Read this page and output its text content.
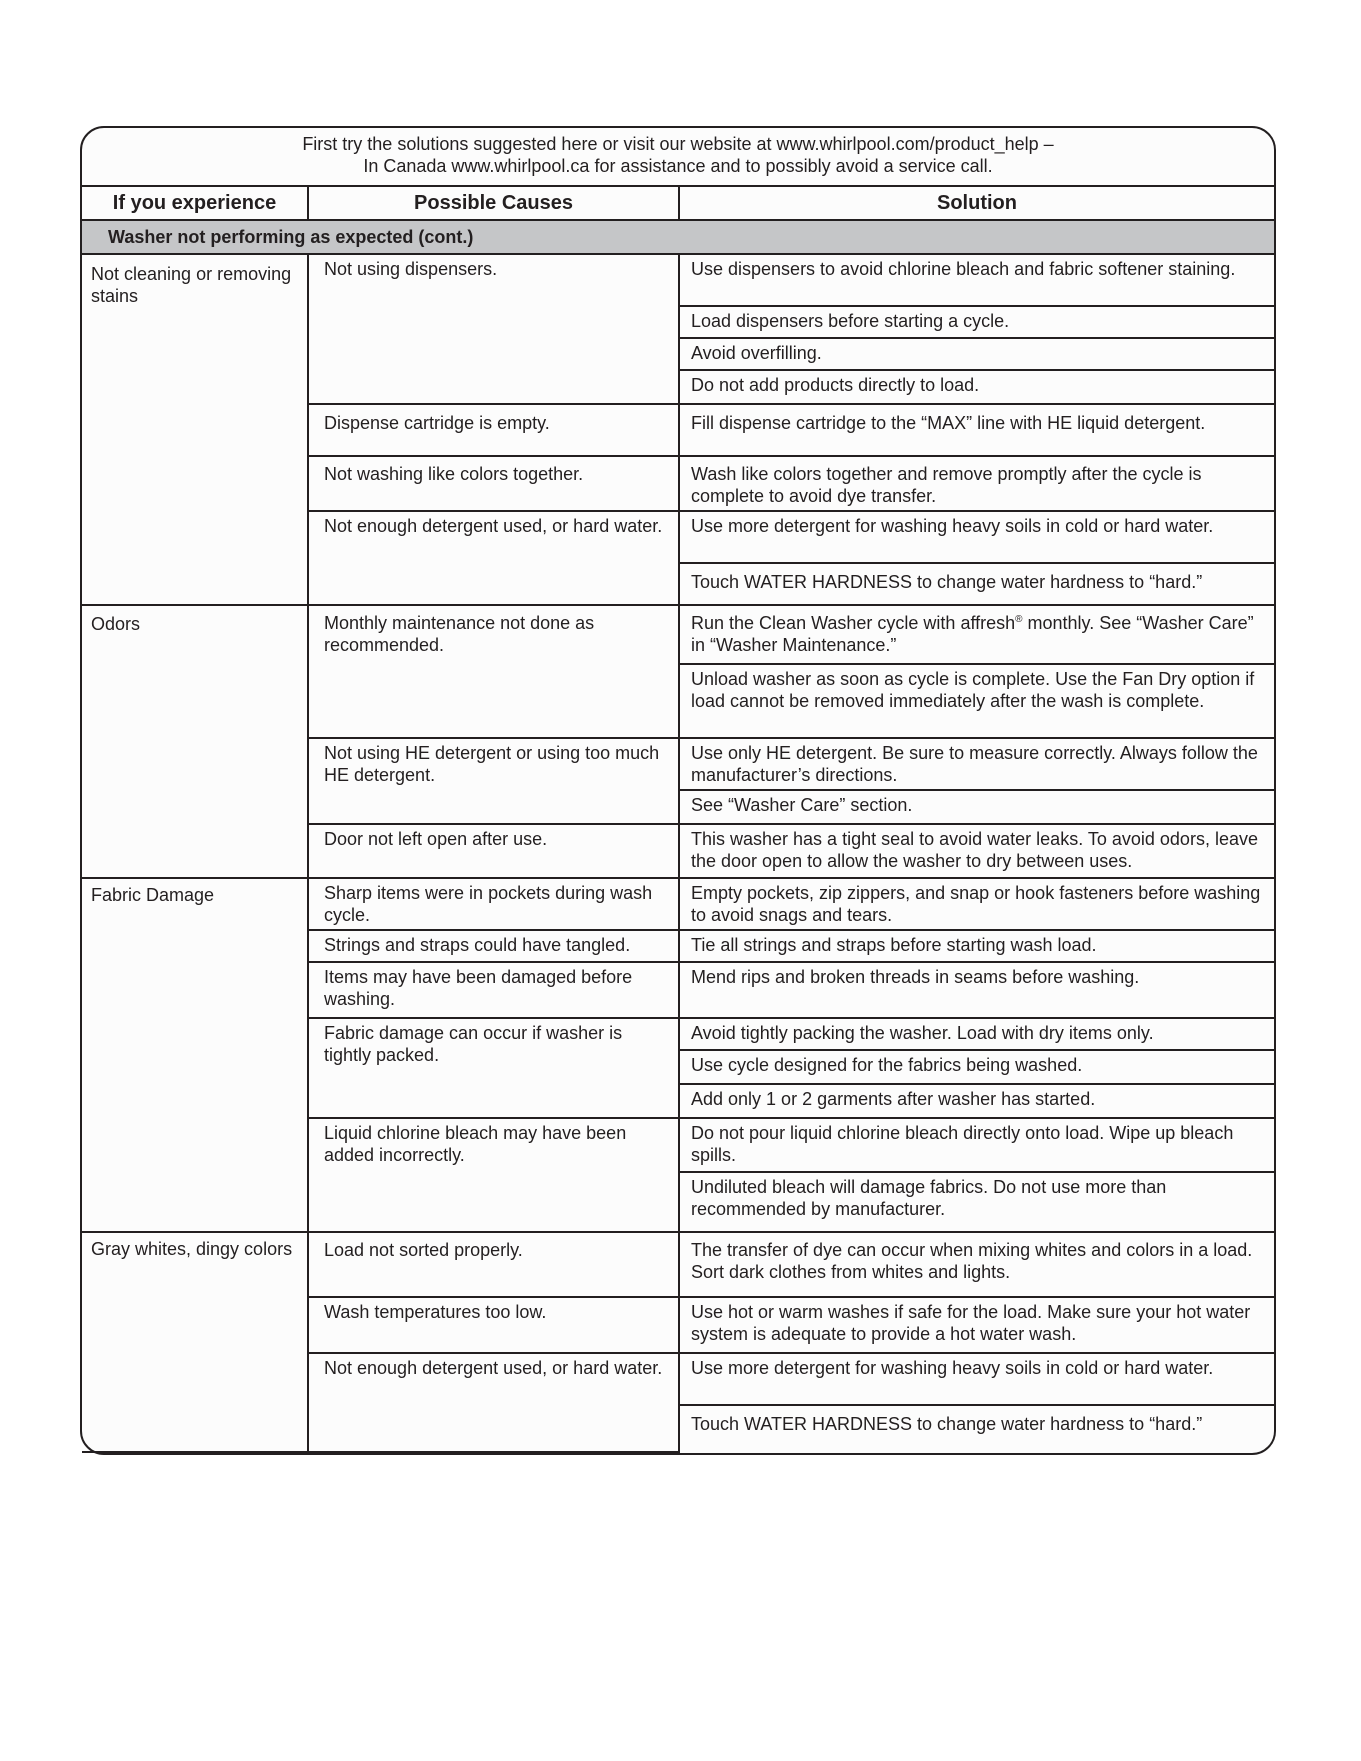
First try the solutions suggested here or visit our website at www.whirlpool.com/product_help –
In Canada www.whirlpool.ca for assistance and to possibly avoid a service call.
If you experience	Possible Causes	Solution
Washer not performing as expected (cont.)		
Not cleaning or removing stains	Not using dispensers.	Use dispensers to avoid chlorine bleach and fabric softener staining.
		Load dispensers before starting a cycle.
		Avoid overfilling.
		Do not add products directly to load.
	Dispense cartridge is empty.	Fill dispense cartridge to the “MAX” line with HE liquid detergent.
	Not washing like colors together.	Wash like colors together and remove promptly after the cycle is complete to avoid dye transfer.
	Not enough detergent used, or hard water.	Use more detergent for washing heavy soils in cold or hard water.
		Touch WATER HARDNESS to change water hardness to “hard.”
Odors	Monthly maintenance not done as recommended.	Run the Clean Washer cycle with affresh® monthly. See “Washer Care” in “Washer Maintenance.”
		Unload washer as soon as cycle is complete. Use the Fan Dry option if load cannot be removed immediately after the wash is complete.
	Not using HE detergent or using too much HE detergent.	Use only HE detergent. Be sure to measure correctly. Always follow the manufacturer’s directions.
		See “Washer Care” section.
	Door not left open after use.	This washer has a tight seal to avoid water leaks. To avoid odors, leave the door open to allow the washer to dry between uses.
Fabric Damage	Sharp items were in pockets during wash cycle.	Empty pockets, zip zippers, and snap or hook fasteners before washing to avoid snags and tears.
	Strings and straps could have tangled.	Tie all strings and straps before starting wash load.
	Items may have been damaged before washing.	Mend rips and broken threads in seams before washing.
	Fabric damage can occur if washer is tightly packed.	Avoid tightly packing the washer. Load with dry items only.
		Use cycle designed for the fabrics being washed.
		Add only 1 or 2 garments after washer has started.
	Liquid chlorine bleach may have been added incorrectly.	Do not pour liquid chlorine bleach directly onto load. Wipe up bleach spills.
		Undiluted bleach will damage fabrics. Do not use more than recommended by manufacturer.
Gray whites, dingy colors	Load not sorted properly.	The transfer of dye can occur when mixing whites and colors in a load. Sort dark clothes from whites and lights.
	Wash temperatures too low.	Use hot or warm washes if safe for the load. Make sure your hot water system is adequate to provide a hot water wash.
	Not enough detergent used, or hard water.	Use more detergent for washing heavy soils in cold or hard water.
		Touch WATER HARDNESS to change water hardness to “hard.”
